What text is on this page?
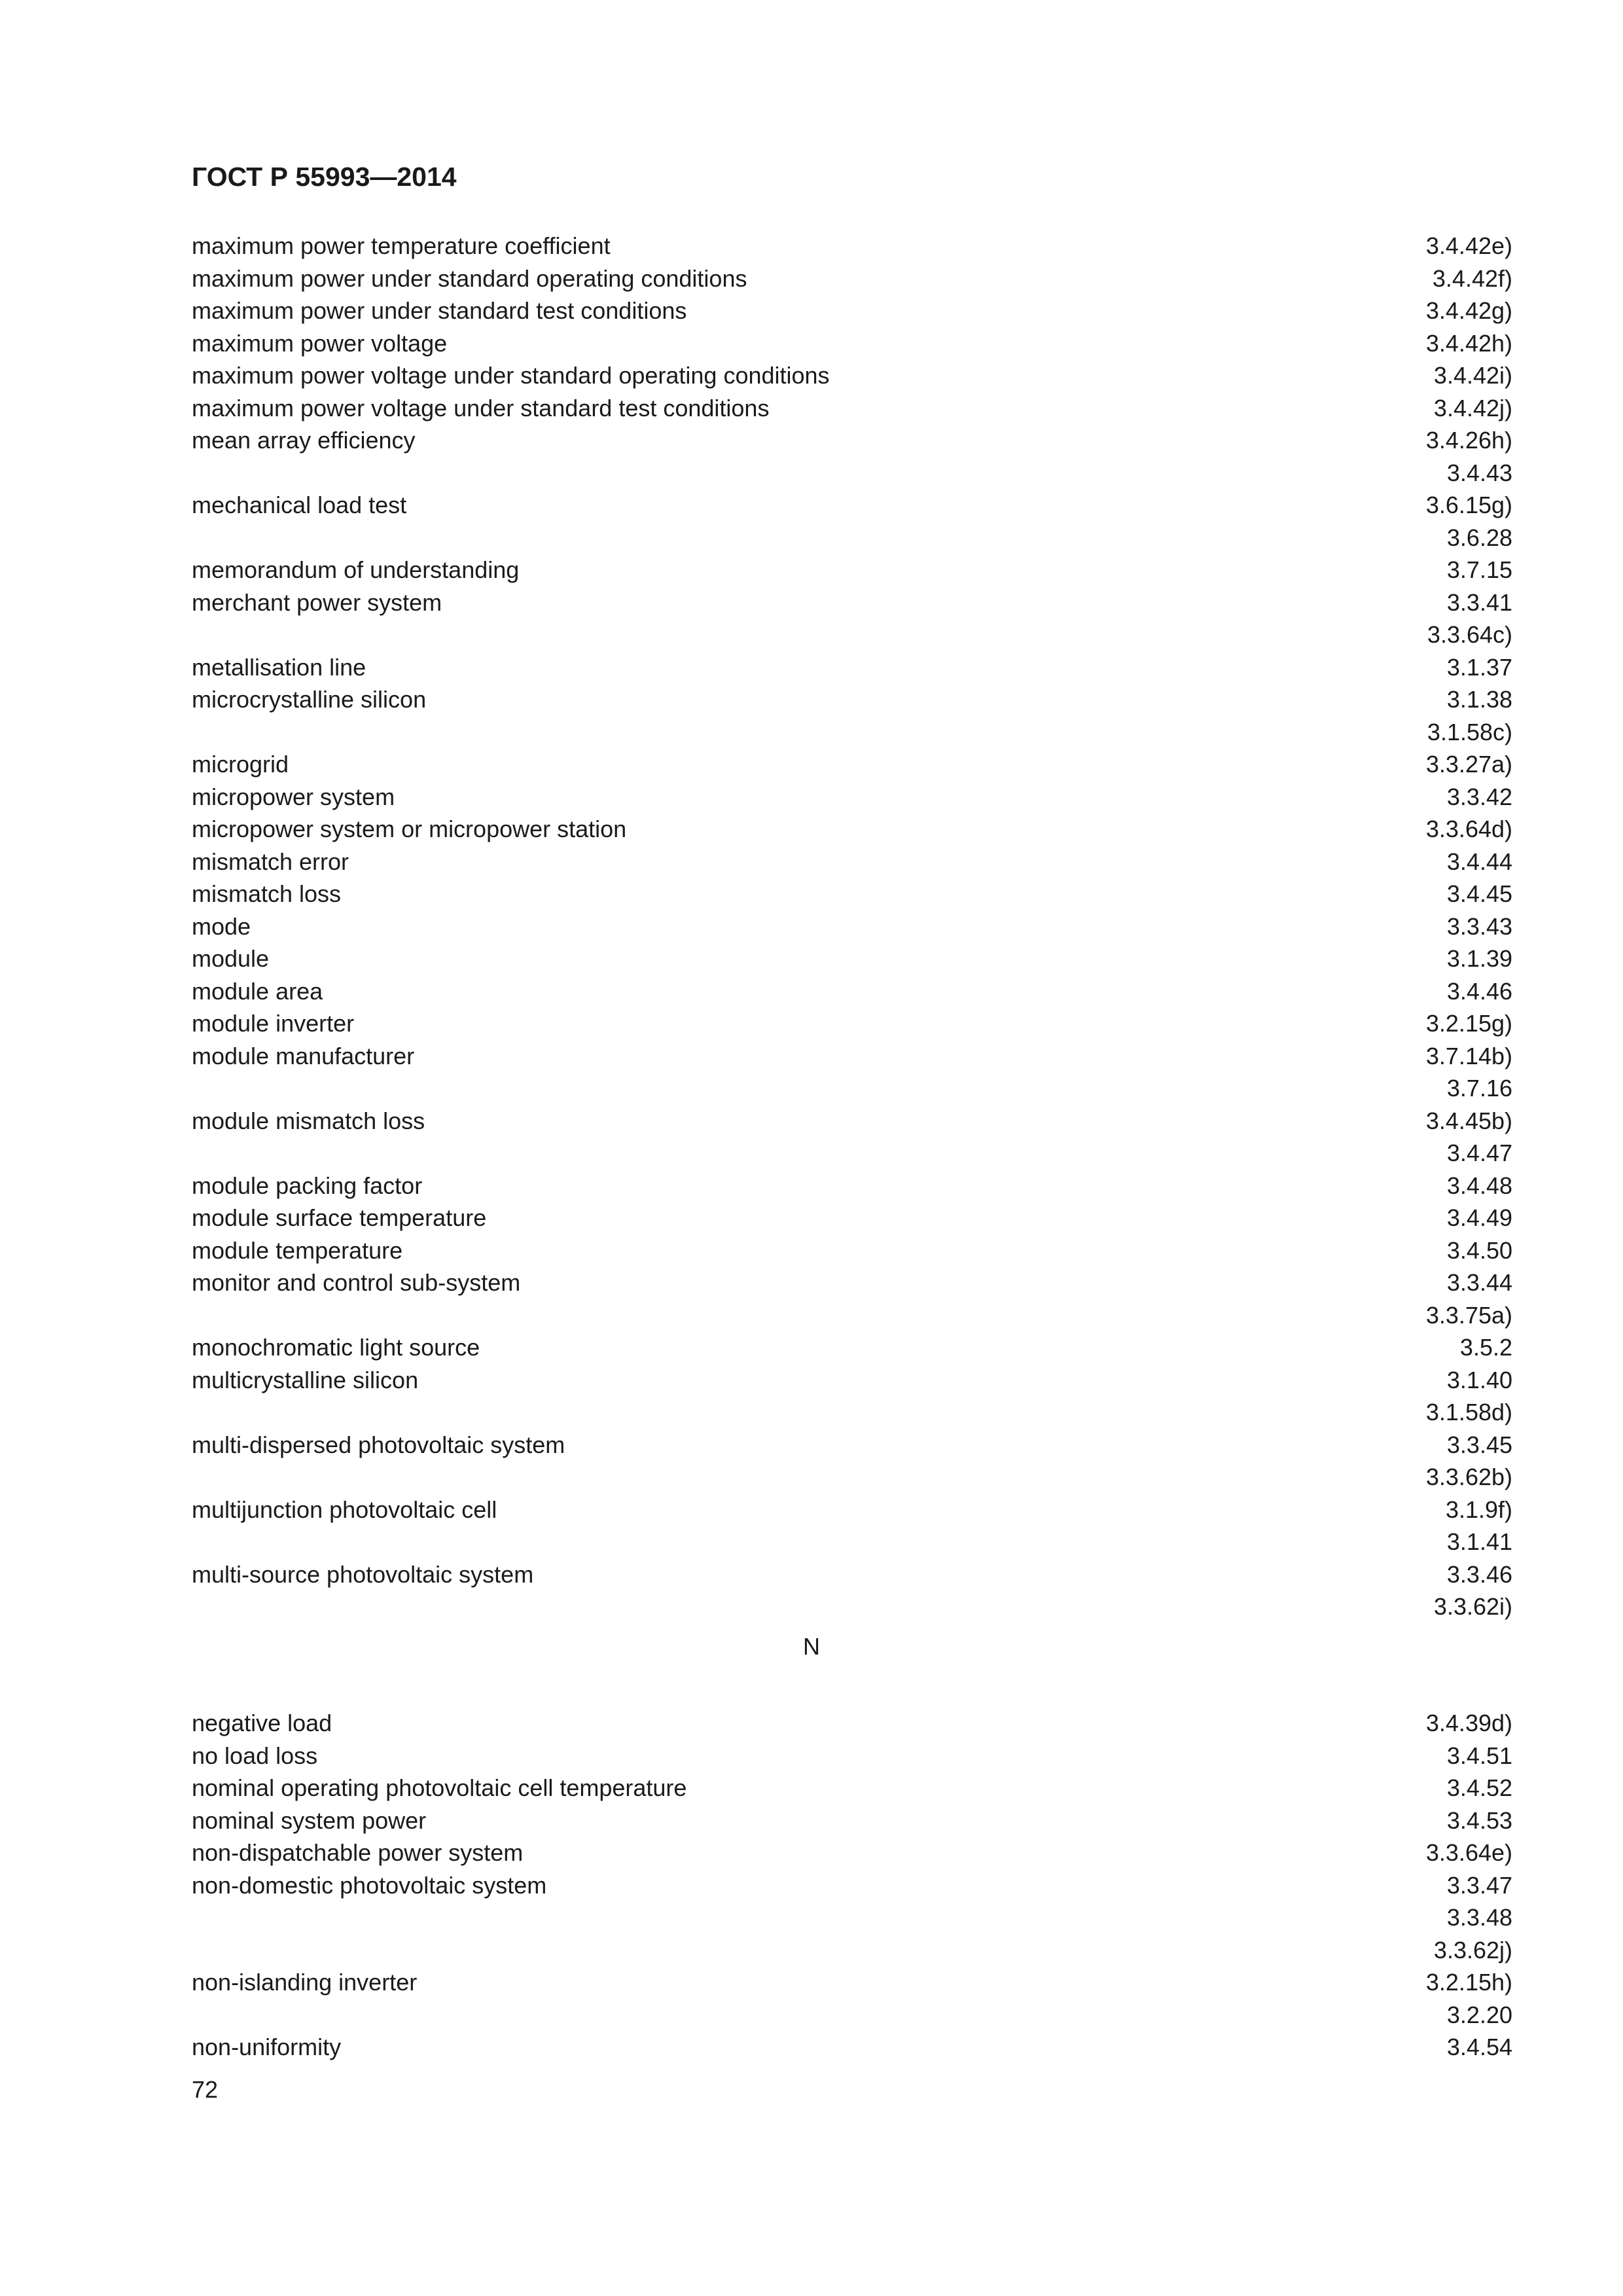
ГОСТ Р 55993—2014
maximum power temperature coefficient	3.4.42e)
maximum power under standard operating conditions	3.4.42f)
maximum power under standard test conditions	3.4.42g)
maximum power voltage	3.4.42h)
maximum power voltage under standard operating conditions	3.4.42i)
maximum power voltage under standard test conditions	3.4.42j)
mean array efficiency	3.4.26h)
3.4.43
mechanical load test	3.6.15g)
3.6.28
memorandum of understanding	3.7.15
merchant power system	3.3.41
3.3.64c)
metallisation line	3.1.37
microcrystalline silicon	3.1.38
3.1.58c)
microgrid	3.3.27a)
micropower system	3.3.42
micropower system or micropower station	3.3.64d)
mismatch error	3.4.44
mismatch loss	3.4.45
mode	3.3.43
module	3.1.39
module area	3.4.46
module inverter	3.2.15g)
module manufacturer	3.7.14b)
3.7.16
module mismatch loss	3.4.45b)
3.4.47
module packing factor	3.4.48
module surface temperature	3.4.49
module temperature	3.4.50
monitor and control sub-system	3.3.44
3.3.75a)
monochromatic light source	3.5.2
multicrystalline silicon	3.1.40
3.1.58d)
multi-dispersed photovoltaic system	3.3.45
3.3.62b)
multijunction photovoltaic cell	3.1.9f)
3.1.41
multi-source photovoltaic system	3.3.46
3.3.62i)
N
negative load	3.4.39d)
no load loss	3.4.51
nominal operating photovoltaic cell temperature	3.4.52
nominal system power	3.4.53
non-dispatchable power system	3.3.64e)
non-domestic photovoltaic system	3.3.47
3.3.48
3.3.62j)
non-islanding inverter	3.2.15h)
3.2.20
non-uniformity	3.4.54
72
